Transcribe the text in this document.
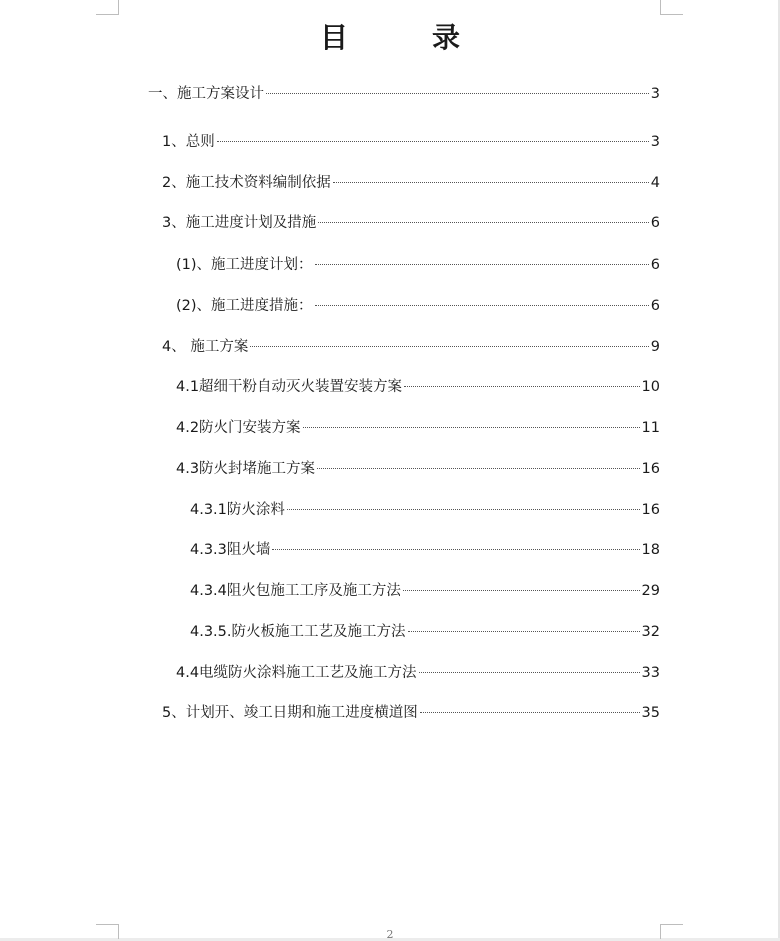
目　录
一、施工方案设计	3
1、总则	3
2、施工技术资料编制依据	4
3、施工进度计划及措施	6
(1)、施工进度计划：	6
(2)、施工进度措施：	6
4、 施工方案	9
4.1超细干粉自动灭火装置安装方案	10
4.2防火门安装方案	11
4.3防火封堵施工方案	16
4.3.1防火涂料	16
4.3.3阻火墙	18
4.3.4阻火包施工工序及施工方法	29
4.3.5.防火板施工工艺及施工方法	32
4.4电缆防火涂料施工工艺及施工方法	33
5、计划开、竣工日期和施工进度横道图	35
2
